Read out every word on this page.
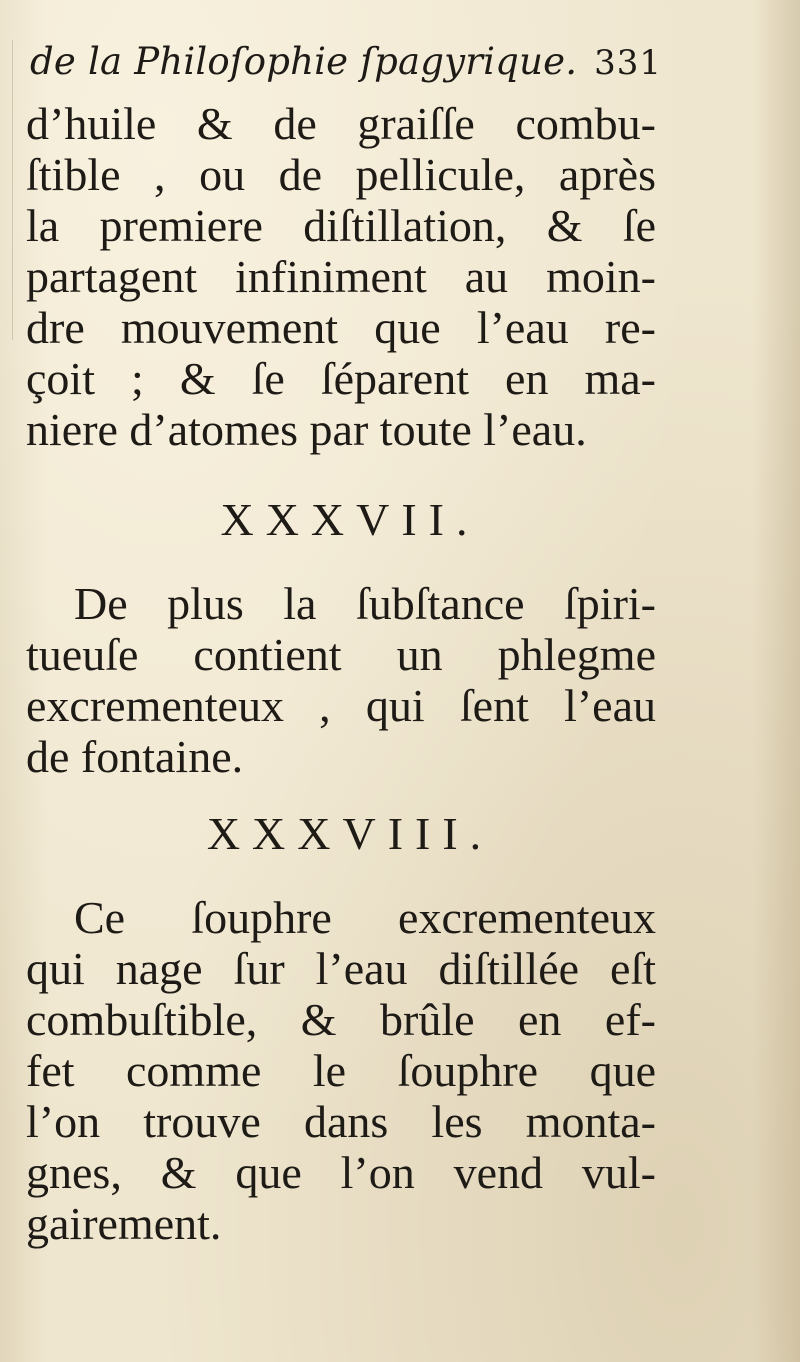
de la Philoſophie ſpagyrique. 331
d’huile & de graiſſe combu-
ſtible , ou de pellicule, après
la premiere diſtillation, & ſe
partagent infiniment au moin-
dre mouvement que l’eau re-
çoit ; & ſe ſéparent en ma-
niere d’atomes par toute l’eau.
XXXVII.
De plus la ſubſtance ſpiri-
tueuſe contient un phlegme
excrementeux , qui ſent l’eau
de fontaine.
XXXVIII.
Ce ſouphre excrementeux
qui nage ſur l’eau diſtillée eſt
combuſtible, & brûle en ef-
fet comme le ſouphre que
l’on trouve dans les monta-
gnes, & que l’on vend vul-
gairement.
